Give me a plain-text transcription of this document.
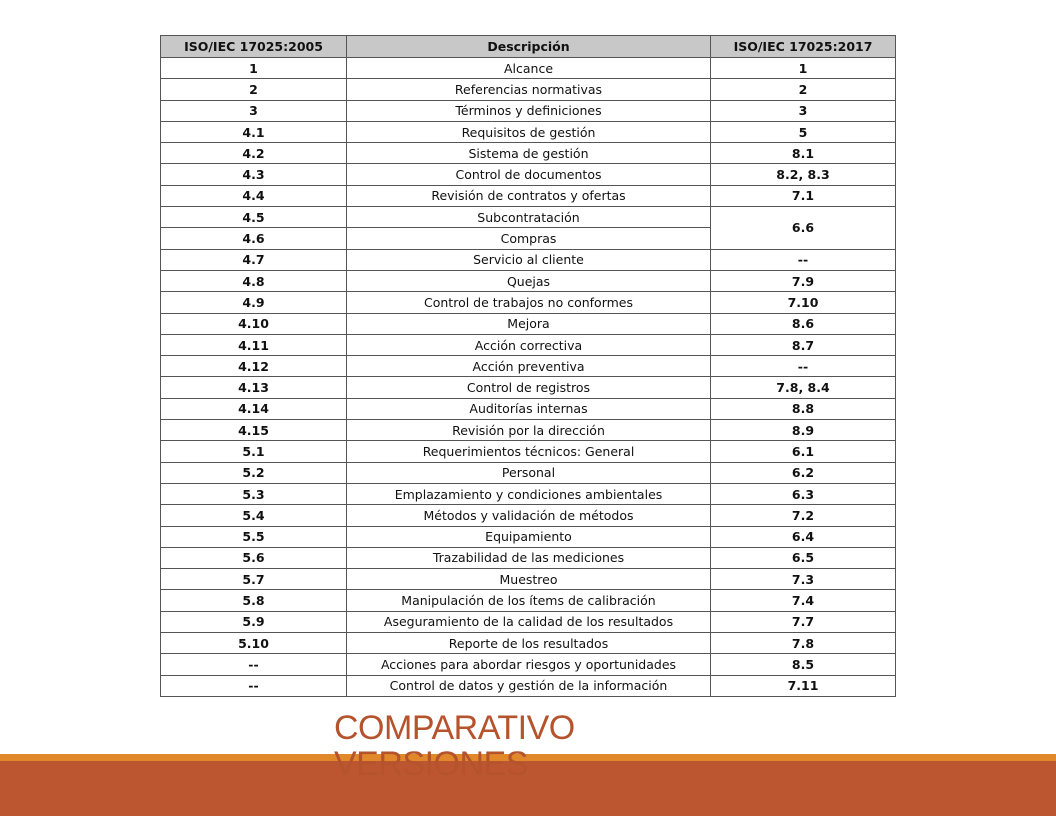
ISO/IEC 17025:2005	Descripción	ISO/IEC 17025:2017
1	Alcance	1
2	Referencias normativas	2
3	Términos y definiciones	3
4.1	Requisitos de gestión	5
4.2	Sistema de gestión	8.1
4.3	Control de documentos	8.2, 8.3
4.4	Revisión de contratos y ofertas	7.1
4.5	Subcontratación	6.6
4.6	Compras	
4.7	Servicio al cliente	--
4.8	Quejas	7.9
4.9	Control de trabajos no conformes	7.10
4.10	Mejora	8.6
4.11	Acción correctiva	8.7
4.12	Acción preventiva	--
4.13	Control de registros	7.8, 8.4
4.14	Auditorías internas	8.8
4.15	Revisión por la dirección	8.9
5.1	Requerimientos técnicos: General	6.1
5.2	Personal	6.2
5.3	Emplazamiento y condiciones ambientales	6.3
5.4	Métodos y validación de métodos	7.2
5.5	Equipamiento	6.4
5.6	Trazabilidad de las mediciones	6.5
5.7	Muestreo	7.3
5.8	Manipulación de los ítems de calibración	7.4
5.9	Aseguramiento de la calidad de los resultados	7.7
5.10	Reporte de los resultados	7.8
--	Acciones para abordar riesgos y oportunidades	8.5
--	Control de datos y gestión de la información	7.11
COMPARATIVO
VERSIONES
